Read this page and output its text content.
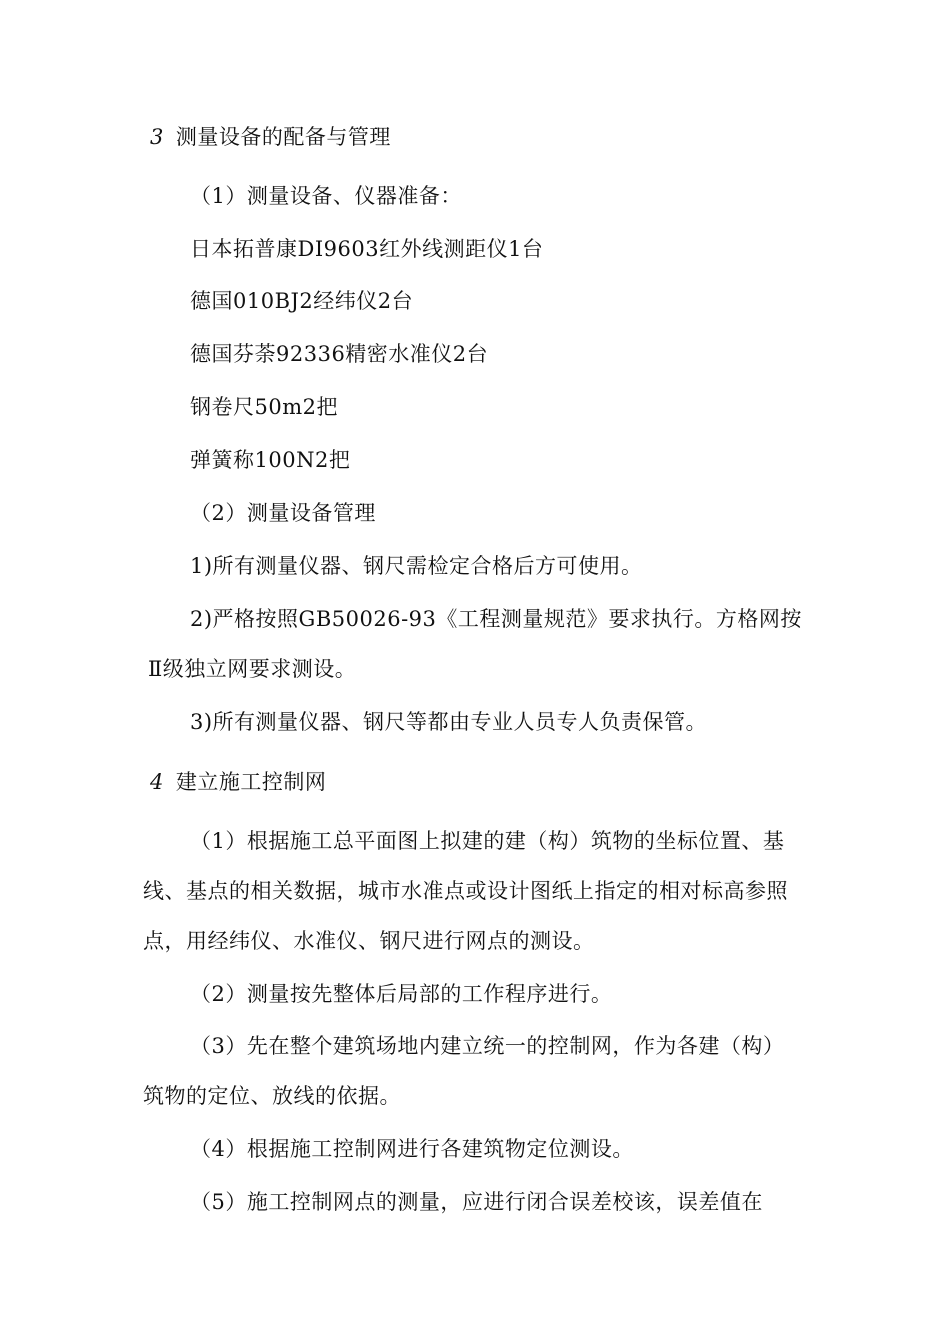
3 测量设备的配备与管理
（1）测量设备、仪器准备：
日本拓普康DI9603红外线测距仪1台
德国010BJ2经纬仪2台
德国芬荼92336精密水准仪2台
钢卷尺50m2把
弹簧称100N2把
（2）测量设备管理
1)所有测量仪器、钢尺需检定合格后方可使用。
2)严格按照GB50026-93《工程测量规范》要求执行。方格网按
Ⅱ级独立网要求测设。
3)所有测量仪器、钢尺等都由专业人员专人负责保管。
4 建立施工控制网
（1）根据施工总平面图上拟建的建（构）筑物的坐标位置、基
线、基点的相关数据，城市水准点或设计图纸上指定的相对标高参照
点，用经纬仪、水准仪、钢尺进行网点的测设。
（2）测量按先整体后局部的工作程序进行。
（3）先在整个建筑场地内建立统一的控制网，作为各建（构）
筑物的定位、放线的依据。
（4）根据施工控制网进行各建筑物定位测设。
（5）施工控制网点的测量，应进行闭合误差校该，误差值在
